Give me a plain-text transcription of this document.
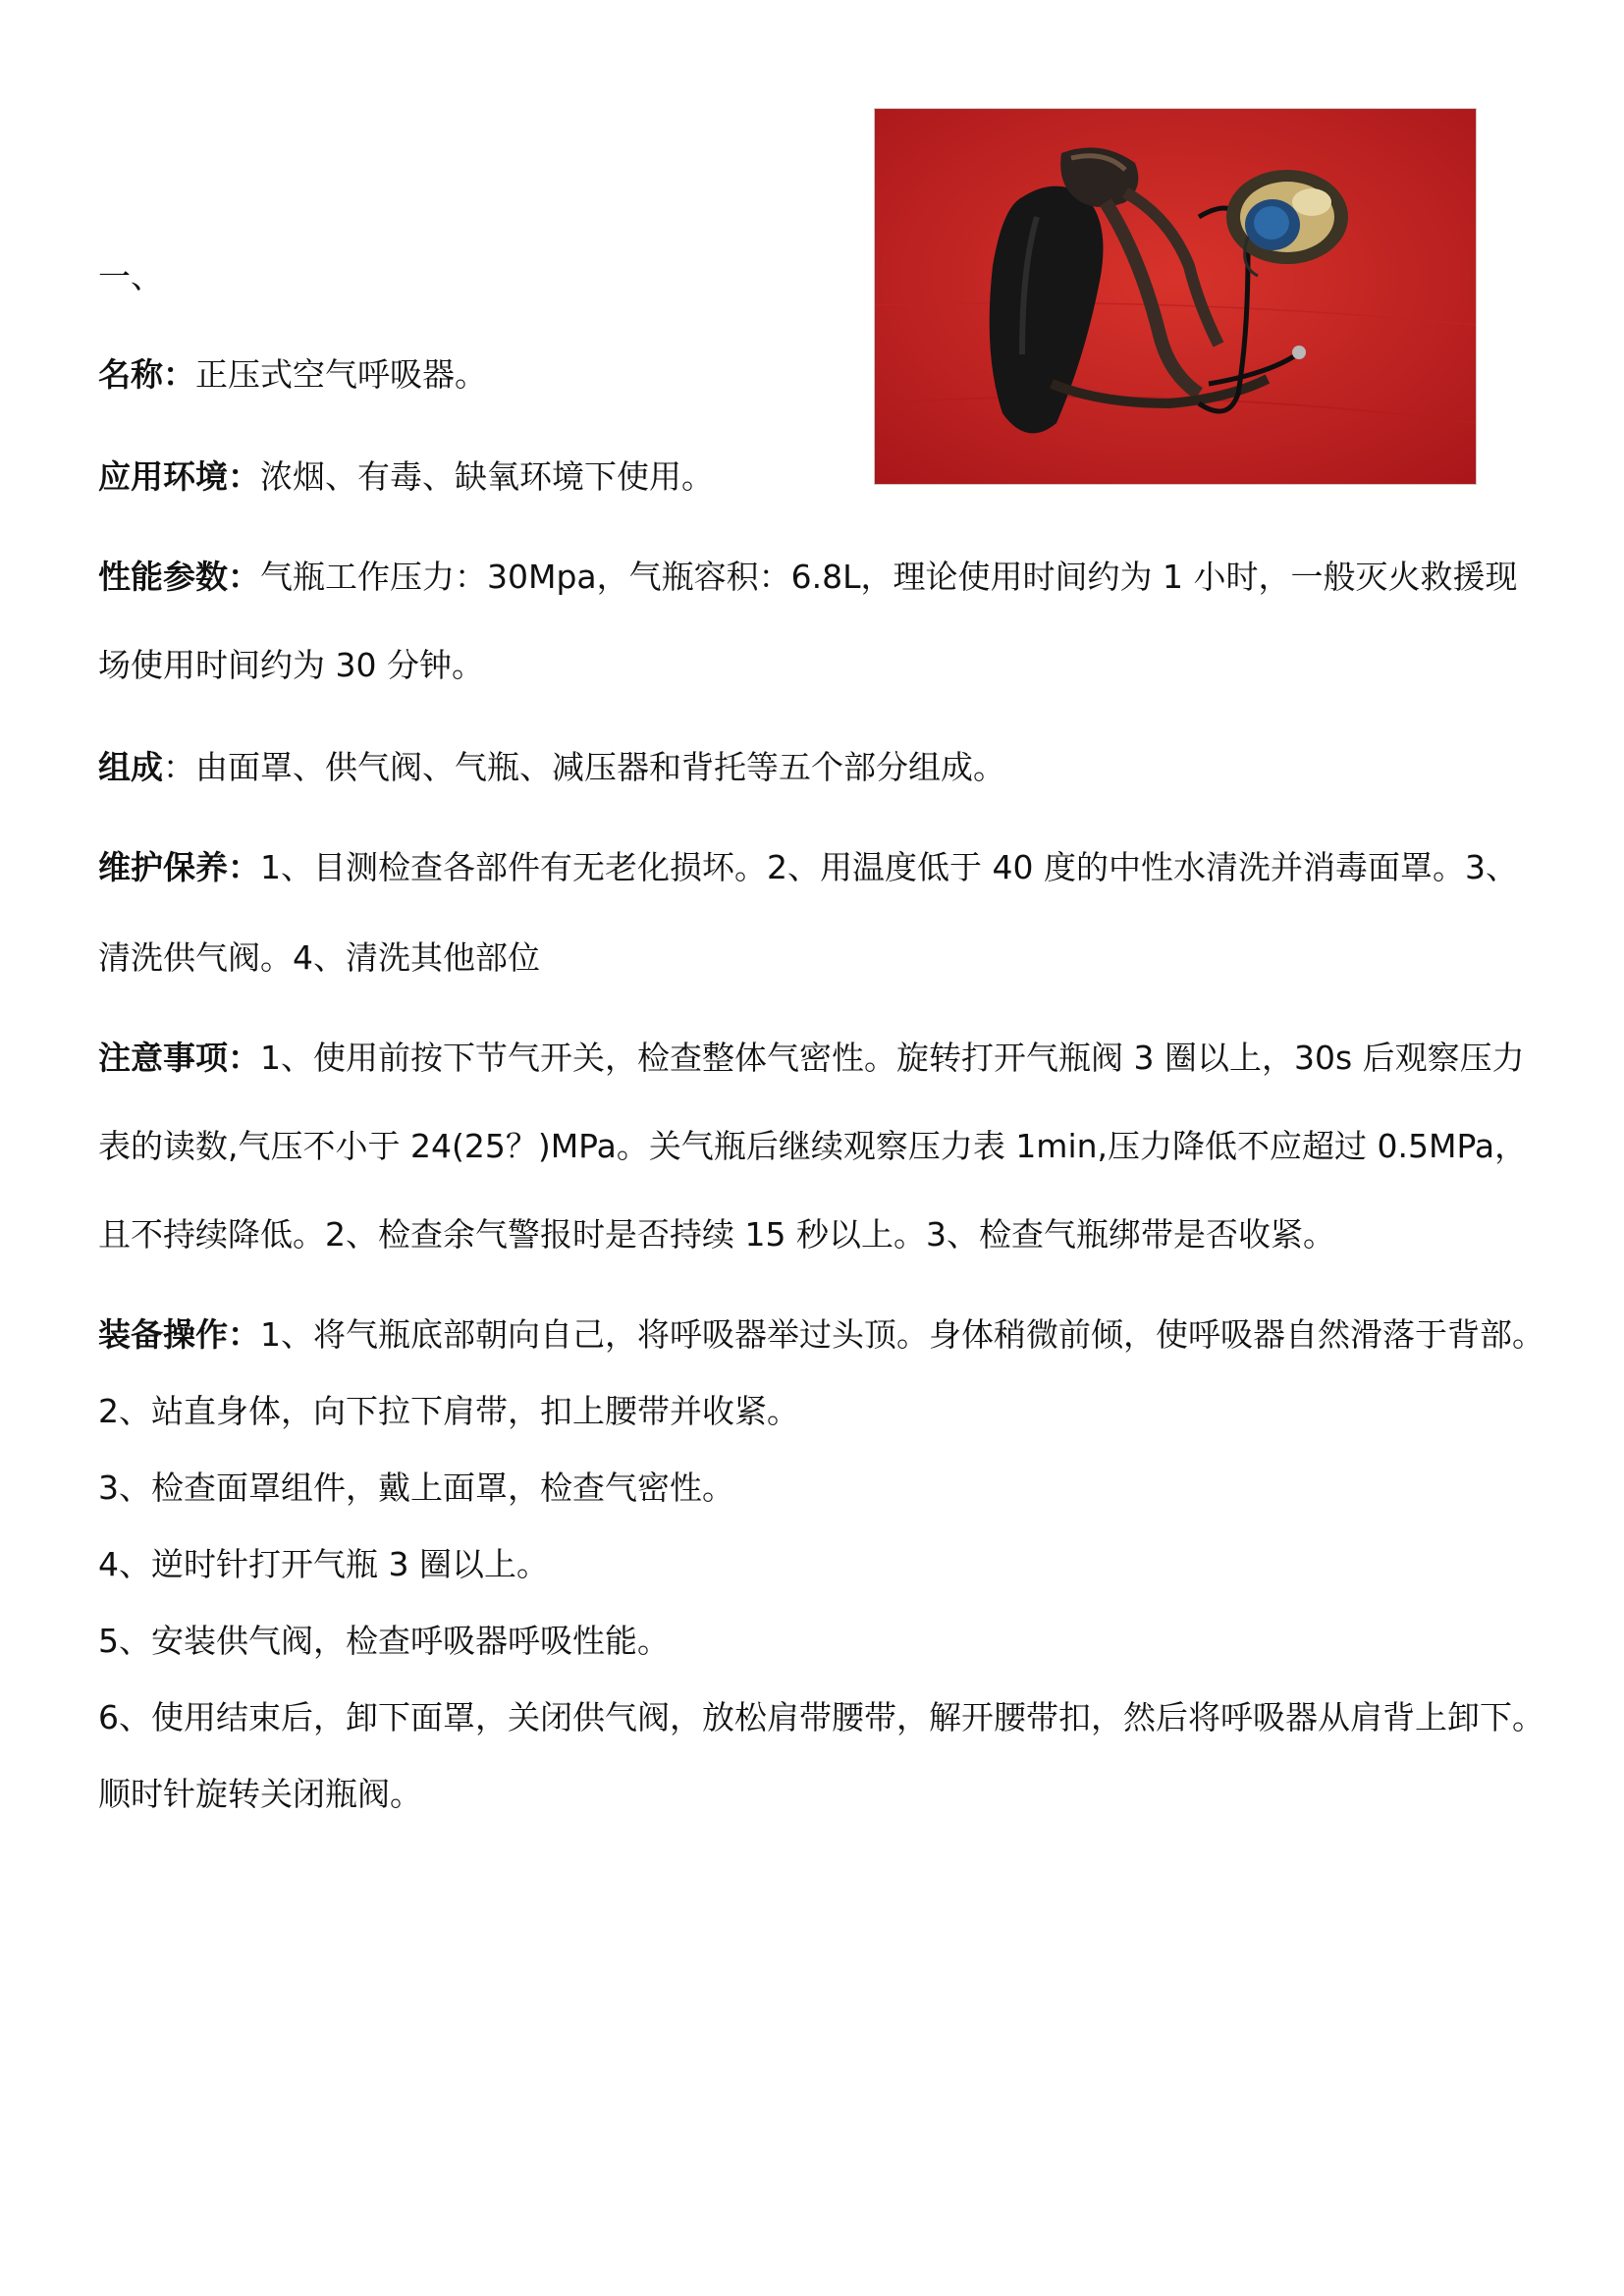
一、
名称：正压式空气呼吸器。
应用环境：浓烟、有毒、缺氧环境下使用。
性能参数：气瓶工作压力：30Mpa，气瓶容积：6.8L，理论使用时间约为 1 小时，一般灭火救援现
场使用时间约为 30 分钟。
组成：由面罩、供气阀、气瓶、减压器和背托等五个部分组成。
维护保养：1、目测检查各部件有无老化损坏。2、用温度低于 40 度的中性水清洗并消毒面罩。3、
清洗供气阀。4、清洗其他部位
注意事项：1、使用前按下节气开关，检查整体气密性。旋转打开气瓶阀 3 圈以上，30s 后观察压力
表的读数,气压不小于 24(25？)MPa。关气瓶后继续观察压力表 1min,压力降低不应超过 0.5MPa，
且不持续降低。2、检查余气警报时是否持续 15 秒以上。3、检查气瓶绑带是否收紧。
装备操作：1、将气瓶底部朝向自己，将呼吸器举过头顶。身体稍微前倾，使呼吸器自然滑落于背部。
2、站直身体，向下拉下肩带，扣上腰带并收紧。
3、检查面罩组件，戴上面罩，检查气密性。
4、逆时针打开气瓶 3 圈以上。
5、安装供气阀，检查呼吸器呼吸性能。
6、使用结束后，卸下面罩，关闭供气阀，放松肩带腰带，解开腰带扣，然后将呼吸器从肩背上卸下。
顺时针旋转关闭瓶阀。
